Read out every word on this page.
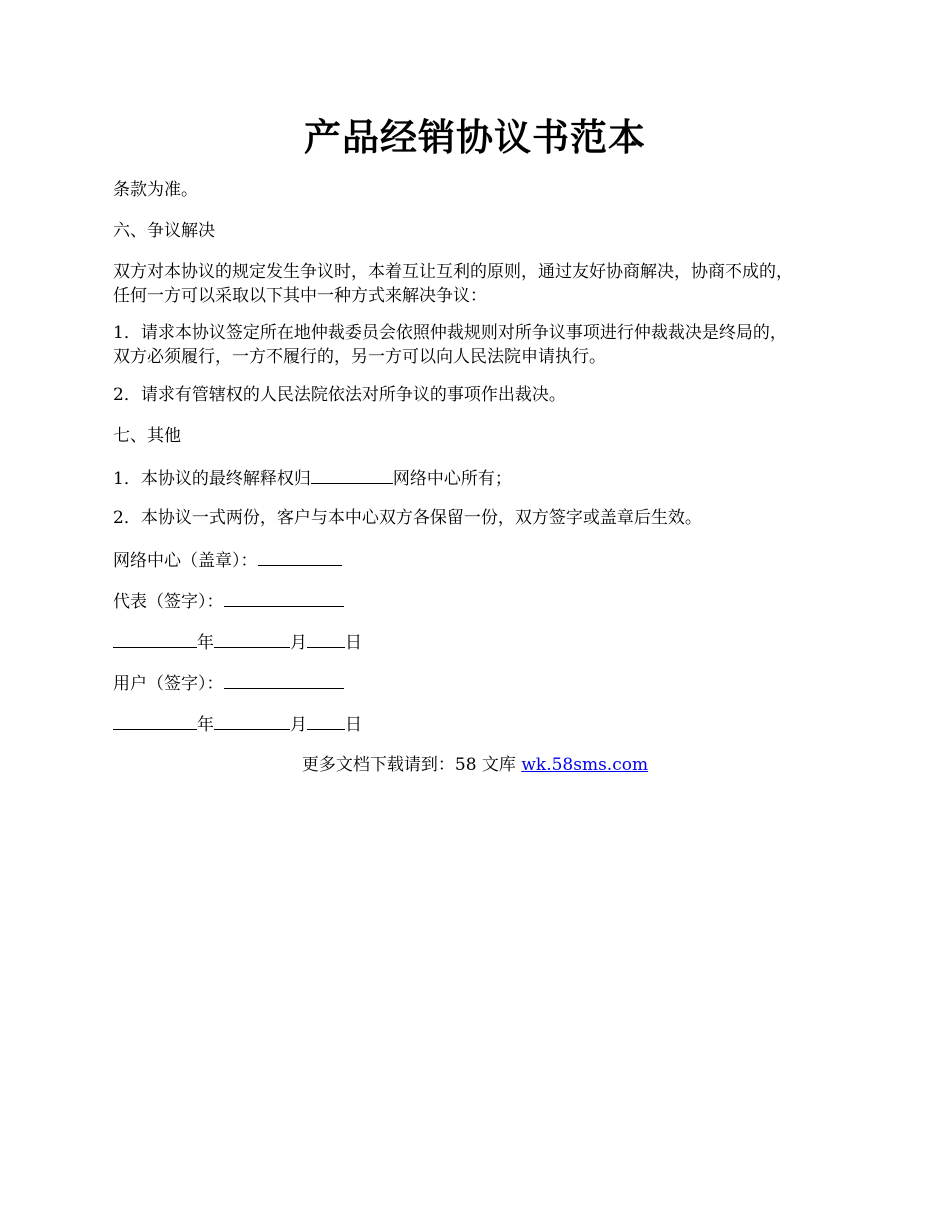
产品经销协议书范本

条款为准。

六、争议解决

双方对本协议的规定发生争议时，本着互让互利的原则，通过友好协商解决，协商不成的，
任何一方可以采取以下其中一种方式来解决争议：
1．请求本协议签定所在地仲裁委员会依照仲裁规则对所争议事项进行仲裁裁决是终局的，
双方必须履行，一方不履行的，另一方可以向人民法院申请执行。

2．请求有管辖权的人民法院依法对所争议的事项作出裁决。

七、其他

1．本协议的最终解释权归	网络中心所有；

2．本协议一式两份，客户与本中心双方各保留一份，双方签字或盖章后生效。

网络中心（盖章）：

代表（签字）：

年	月 日

用户（签字）：

年	月 日

更多文档下载请到：58 文库 wk.58sms.com
